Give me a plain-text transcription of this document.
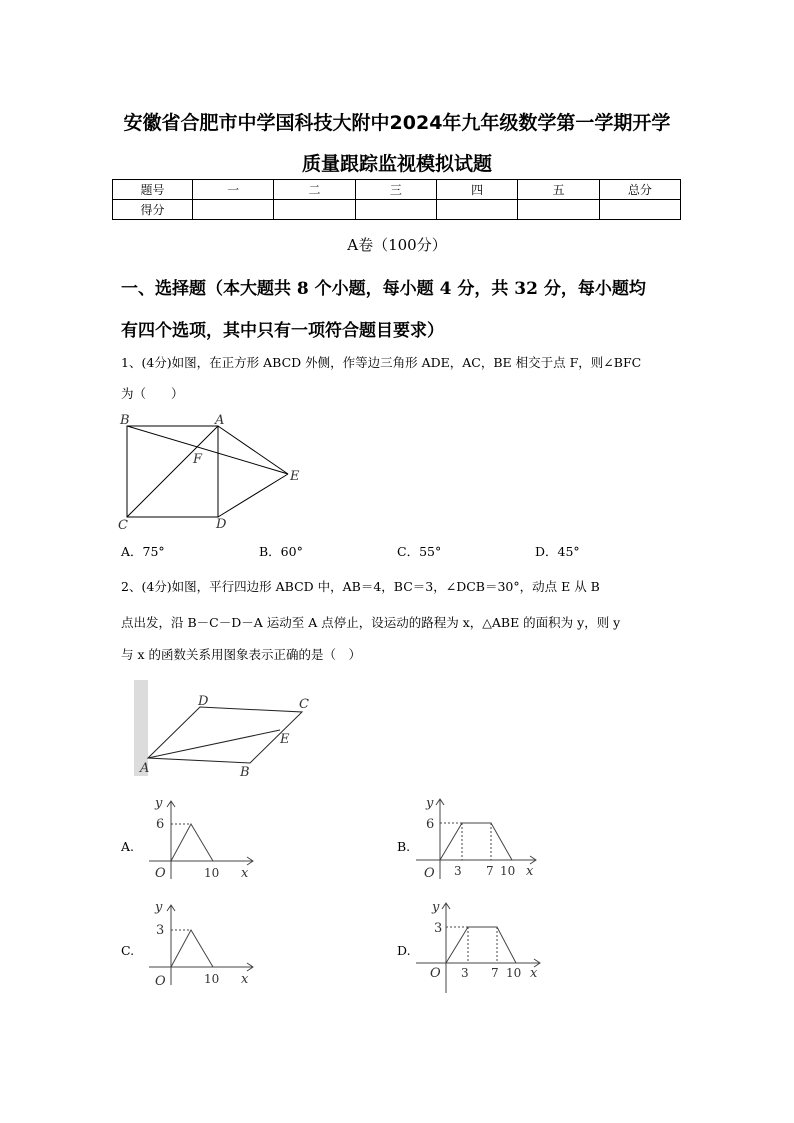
安徽省合肥市中学国科技大附中2024年九年级数学第一学期开学
质量跟踪监视模拟试题
题号	一	二	三	四	五	总分
得分						
A卷（100分）
一、选择题（本大题共 8 个小题，每小题 4 分，共 32 分，每小题均
有四个选项，其中只有一项符合题目要求）
1、(4分)如图，在正方形 ABCD 外侧，作等边三角形 ADE，AC，BE 相交于点 F，则∠BFC
为（　　）
B	A
F
E
C	D
A．75°	B．60°	C．55°	D．45°
2、(4分)如图，平行四边形 ABCD 中，AB＝4，BC＝3，∠DCB＝30°，动点 E 从 B
点出发，沿 B－C－D－A 运动至 A 点停止，设运动的路程为 x，△ABE 的面积为 y，则 y
与 x 的函数关系用图象表示正确的是（　）
D	C
E
A	B
A.	B.
C.	D.
y
x
O
6
10
y
x
O
6
3 7 10
y
x
O
3
10
y
x
O
3
3 7 10
